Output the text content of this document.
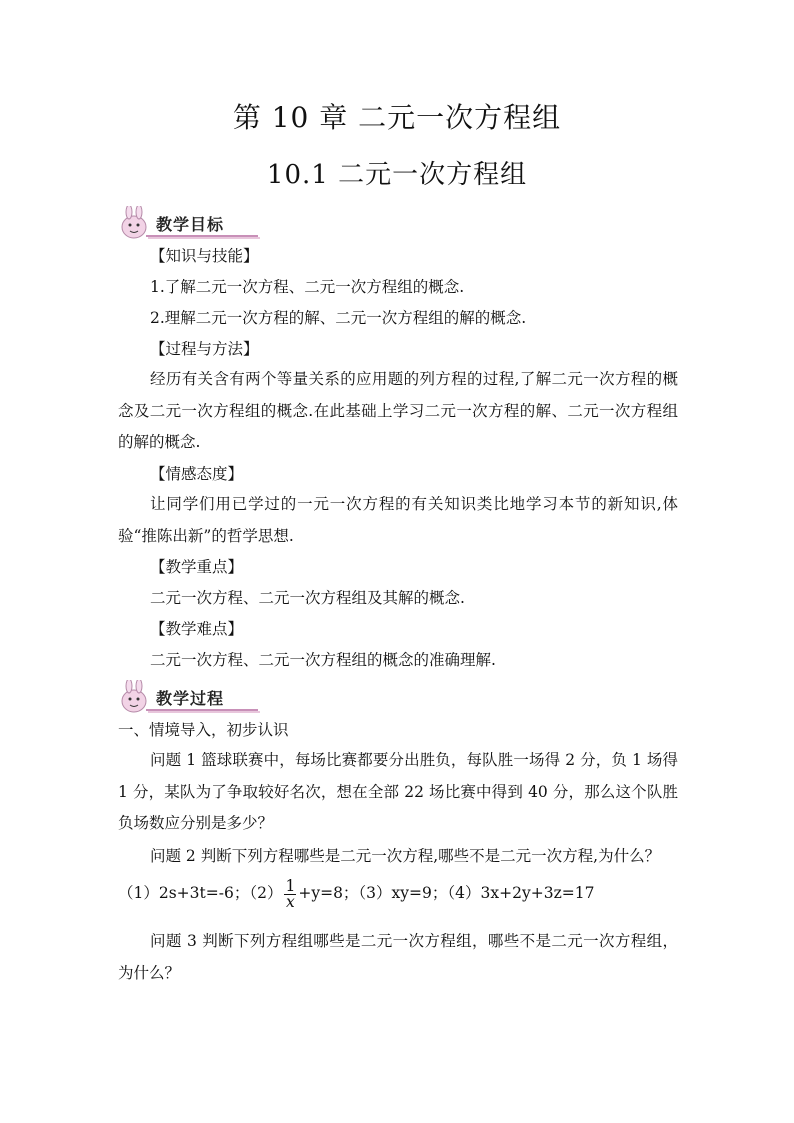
第 10 章 二元一次方程组
10.1 二元一次方程组
教学目标

【知识与技能】

1.了解二元一次方程、二元一次方程组的概念.

2.理解二元一次方程的解、二元一次方程组的解的概念.

【过程与方法】

经历有关含有两个等量关系的应用题的列方程的过程,了解二元一次方程的概念及二元一次方程组的概念.在此基础上学习二元一次方程的解、二元一次方程组的解的概念.

【情感态度】

让同学们用已学过的一元一次方程的有关知识类比地学习本节的新知识,体验“推陈出新”的哲学思想.

【教学重点】

二元一次方程、二元一次方程组及其解的概念.

【教学难点】

二元一次方程、二元一次方程组的概念的准确理解.

教学过程

一、情境导入，初步认识

问题 1 篮球联赛中，每场比赛都要分出胜负，每队胜一场得 2 分，负 1 场得 1 分，某队为了争取较好名次，想在全部 22 场比赛中得到 40 分，那么这个队胜负场数应分别是多少？

问题 2 判断下列方程哪些是二元一次方程,哪些不是二元一次方程,为什么？

（1）2s+3t=-6；$(2) \frac{1}{x} +y=8$；（3）xy=9；（4）3x+2y+3z=17

问题 3 判断下列方程组哪些是二元一次方程组，哪些不是二元一次方程组，为什么？
